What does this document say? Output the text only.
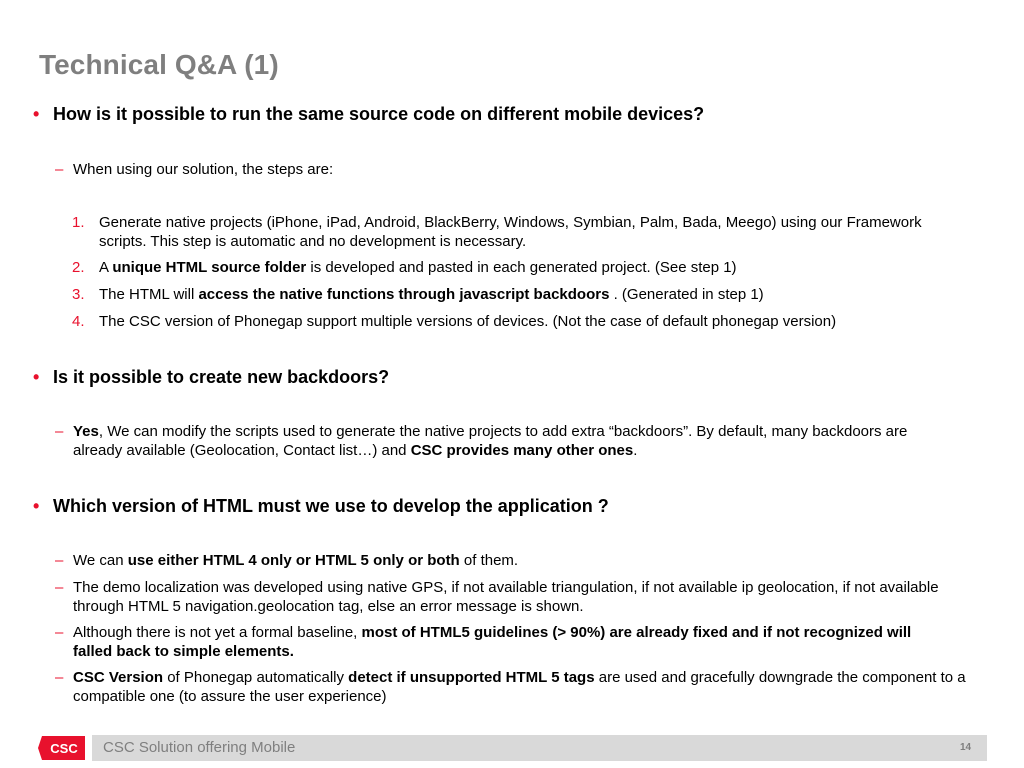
Technical Q&A (1)
• How is it possible to run the same source code on different mobile devices?
– When using our solution, the steps are:
1. Generate native projects (iPhone, iPad, Android, BlackBerry, Windows, Symbian, Palm, Bada, Meego) using our Framework scripts. This step is automatic and no development is necessary.
2. A unique HTML source folder is developed and pasted in each generated project. (See step 1)
3. The HTML will access the native functions through javascript backdoors . (Generated in step 1)
4. The CSC version of Phonegap support multiple versions of devices. (Not the case of default phonegap version)
• Is it possible to create new backdoors?
– Yes, We can modify the scripts used to generate the native projects to add extra “backdoors”. By default, many backdoors are already available (Geolocation, Contact list…) and CSC provides many other ones.
• Which version of HTML must we use to develop the application ?
– We can use either HTML 4 only or HTML 5 only or both of them.
– The demo localization was developed using native GPS, if not available triangulation, if not available ip geolocation, if not available through HTML 5 navigation.geolocation tag, else an error message is shown.
– Although there is not yet a formal baseline, most of HTML5 guidelines (> 90%) are already fixed and if not recognized will falled back to simple elements.
– CSC Version of Phonegap automatically detect if unsupported HTML 5 tags are used and gracefully downgrade the component to a compatible one (to assure the user experience)
CSC CSC Solution offering Mobile	14
